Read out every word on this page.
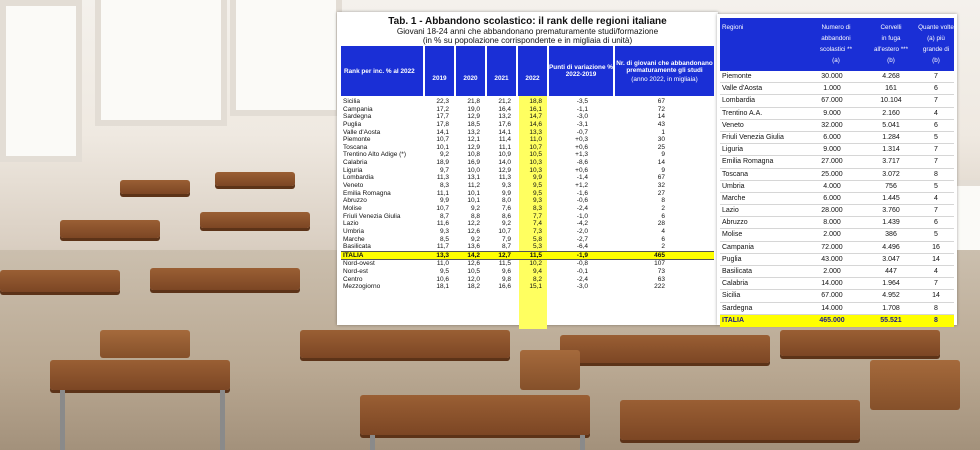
Tab. 1 - Abbandono scolastico: il rank delle regioni italiane
Giovani 18-24 anni che abbandonano prematuramente studi/formazione
(in % su popolazione corrispondente e in migliaia di unità)
Rank per inc. % al 2022
2019	2020	2021	2022
Punti di variazione % 2022-2019
Nr. di giovani che abbandonano prematuramente gli studi
(anno 2022, in migliaia)
Sicilia	22,3	21,8	21,2	18,8	-3,5	67
Campania	17,2	19,0	16,4	16,1	-1,1	72
Sardegna	17,7	12,9	13,2	14,7	-3,0	14
Puglia	17,8	18,5	17,6	14,6	-3,1	43
Valle d'Aosta	14,1	13,2	14,1	13,3	-0,7	1
Piemonte	10,7	12,1	11,4	11,0	+0,3	30
Toscana	10,1	12,9	11,1	10,7	+0,6	25
Trentino Alto Adige (*)	9,2	10,8	10,9	10,5	+1,3	9
Calabria	18,9	16,9	14,0	10,3	-8,6	14
Liguria	9,7	10,0	12,9	10,3	+0,6	9
Lombardia	11,3	13,1	11,3	9,9	-1,4	67
Veneto	8,3	11,2	9,3	9,5	+1,2	32
Emilia Romagna	11,1	10,1	9,9	9,5	-1,6	27
Abruzzo	9,9	10,1	8,0	9,3	-0,6	8
Molise	10,7	9,2	7,6	8,3	-2,4	2
Friuli Venezia Giulia	8,7	8,8	8,6	7,7	-1,0	6
Lazio	11,6	12,2	9,2	7,4	-4,2	28
Umbria	9,3	12,6	10,7	7,3	-2,0	4
Marche	8,5	9,2	7,9	5,8	-2,7	6
Basilicata	11,7	13,6	8,7	5,3	-6,4	2
ITALIA	13,3	14,2	12,7	11,5	-1,9	465
Nord-ovest	11,0	12,6	11,5	10,2	-0,8	107
Nord-est	9,5	10,5	9,6	9,4	-0,1	73
Centro	10,6	12,0	9,8	8,2	-2,4	63
Mezzogiorno	18,1	18,2	16,6	15,1	-3,0	222
Regioni	Numero di
abbandoni
scolastici **
(a)
Cervelli
in fuga
all'estero ***
(b)
Quante volte
(a) più
grande di
(b)
Piemonte	30.000	4.268	7
Valle d'Aosta	1.000	161	6
Lombardia	67.000	10.104	7
Trentino A.A.	9.000	2.160	4
Veneto	32.000	5.041	6
Friuli Venezia Giulia	6.000	1.284	5
Liguria	9.000	1.314	7
Emilia Romagna	27.000	3.717	7
Toscana	25.000	3.072	8
Umbria	4.000	756	5
Marche	6.000	1.445	4
Lazio	28.000	3.760	7
Abruzzo	8.000	1.439	6
Molise	2.000	386	5
Campania	72.000	4.496	16
Puglia	43.000	3.047	14
Basilicata	2.000	447	4
Calabria	14.000	1.964	7
Sicilia	67.000	4.952	14
Sardegna	14.000	1.708	8
ITALIA	465.000	55.521	8
